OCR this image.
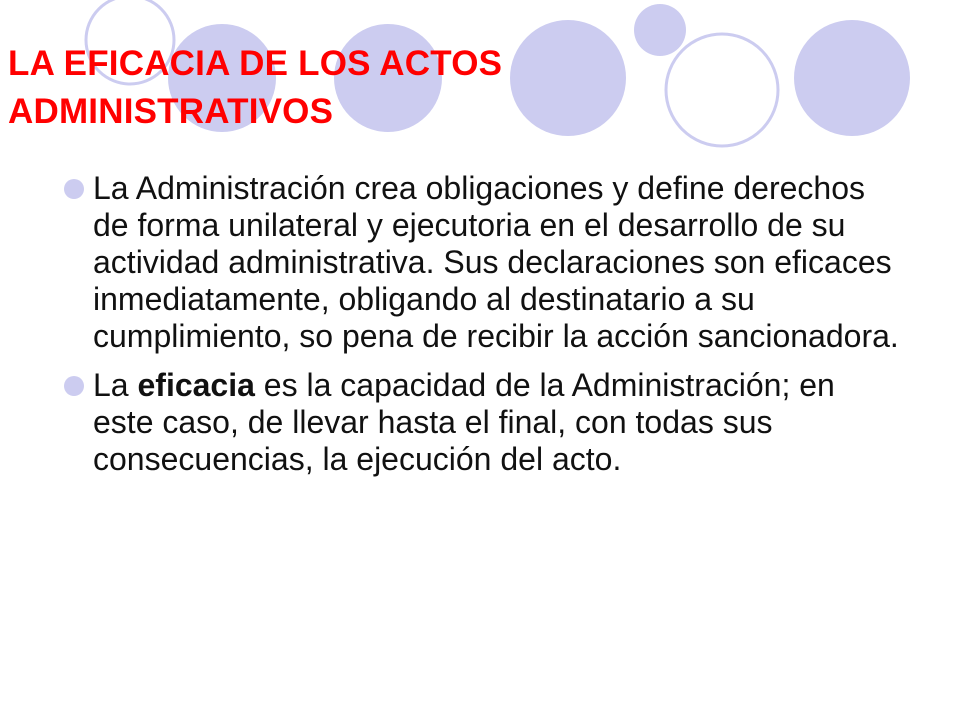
LA EFICACIA DE LOS ACTOS ADMINISTRATIVOS
La Administración crea obligaciones y define derechos de forma unilateral y ejecutoria en el desarrollo de su actividad administrativa. Sus declaraciones son eficaces inmediatamente, obligando al destinatario a su cumplimiento, so pena de recibir la acción sancionadora.
La eficacia es la capacidad de la Administración; en este caso, de llevar hasta el final, con todas sus consecuencias, la ejecución del acto.
